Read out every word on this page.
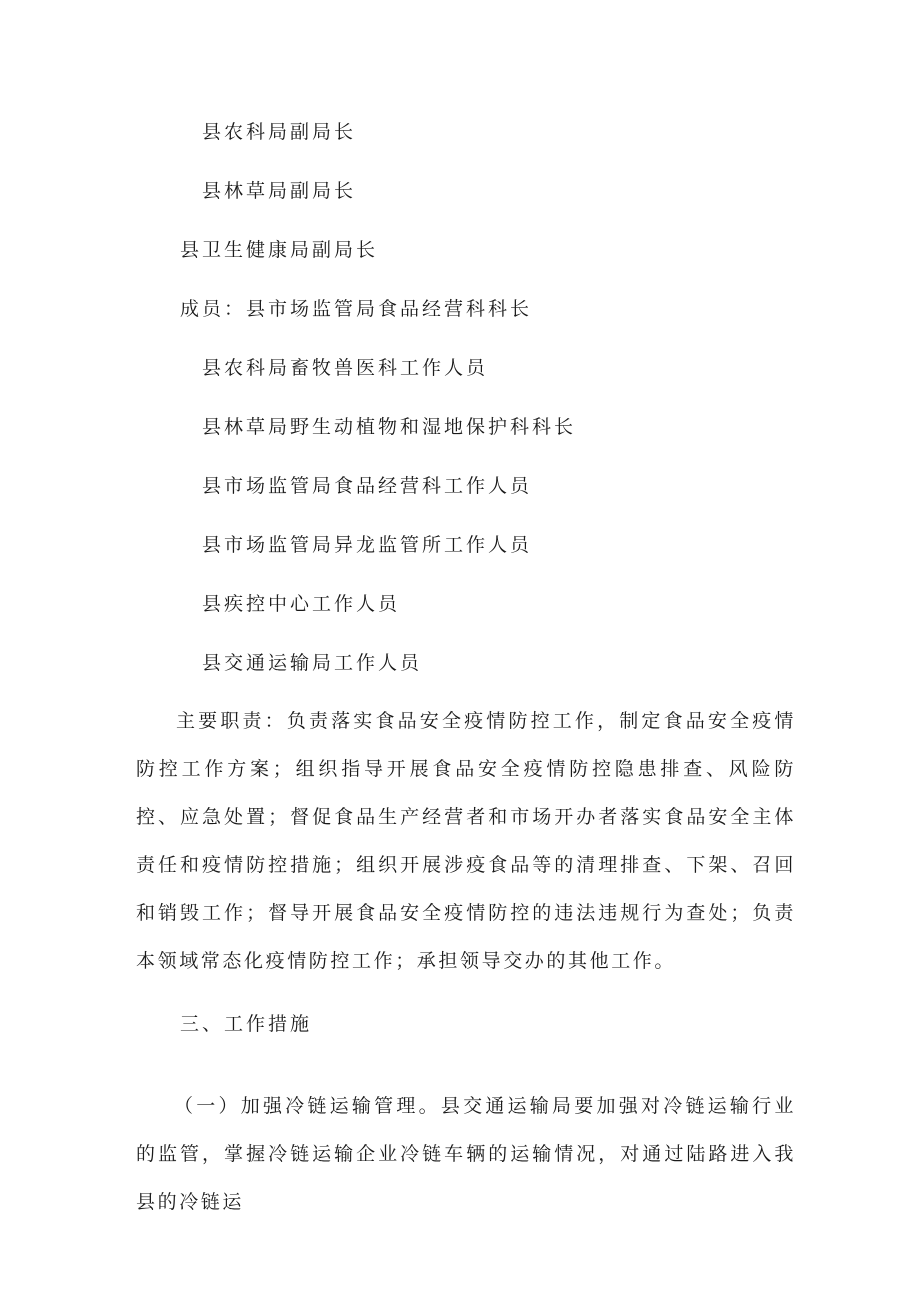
县农科局副局长
县林草局副局长
县卫生健康局副局长
成员：县市场监管局食品经营科科长
县农科局畜牧兽医科工作人员
县林草局野生动植物和湿地保护科科长
县市场监管局食品经营科工作人员
县市场监管局异龙监管所工作人员
县疾控中心工作人员
县交通运输局工作人员
主要职责：负责落实食品安全疫情防控工作，制定食品安全疫情防控工作方案；组织指导开展食品安全疫情防控隐患排查、风险防控、应急处置；督促食品生产经营者和市场开办者落实食品安全主体责任和疫情防控措施；组织开展涉疫食品等的清理排查、下架、召回和销毁工作；督导开展食品安全疫情防控的违法违规行为查处；负责本领域常态化疫情防控工作；承担领导交办的其他工作。
三、工作措施
（一）加强冷链运输管理。县交通运输局要加强对冷链运输行业的监管，掌握冷链运输企业冷链车辆的运输情况，对通过陆路进入我县的冷链运
